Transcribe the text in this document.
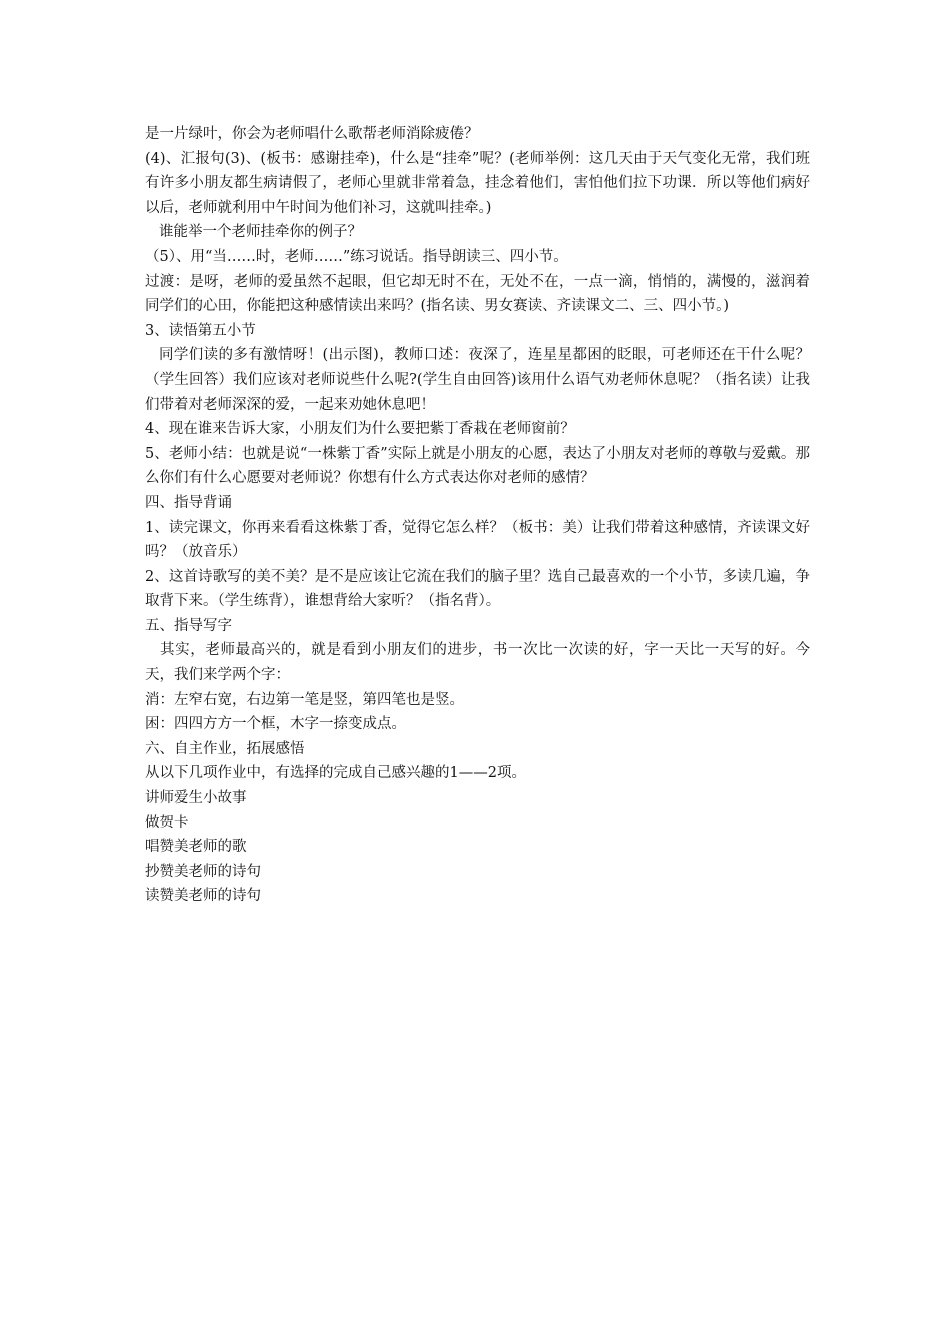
是一片绿叶，你会为老师唱什么歌帮老师消除疲倦？

(4)、汇报句(3)、(板书：感谢挂牵)，什么是“挂牵”呢？(老师举例：这几天由于天气变化无常，我们班有许多小朋友都生病请假了，老师心里就非常着急，挂念着他们，害怕他们拉下功课．所以等他们病好以后，老师就利用中午时间为他们补习，这就叫挂牵。)

谁能举一个老师挂牵你的例子？

（5）、用“当……时，老师……”练习说话。指导朗读三、四小节。

过渡：是呀，老师的爱虽然不起眼，但它却无时不在，无处不在，一点一滴，悄悄的，满慢的，滋润着同学们的心田，你能把这种感情读出来吗？(指名读、男女赛读、齐读课文二、三、四小节。)

3、读悟第五小节

同学们读的多有激情呀！(出示图)，教师口述：夜深了，连星星都困的眨眼，可老师还在干什么呢？（学生回答）我们应该对老师说些什么呢?(学生自由回答)该用什么语气劝老师休息呢？（指名读）让我们带着对老师深深的爱，一起来劝她休息吧！

4、现在谁来告诉大家，小朋友们为什么要把紫丁香栽在老师窗前？

5、老师小结：也就是说“一株紫丁香”实际上就是小朋友的心愿，表达了小朋友对老师的尊敬与爱戴。那么你们有什么心愿要对老师说？你想有什么方式表达你对老师的感情？

四、指导背诵

1、读完课文，你再来看看这株紫丁香，觉得它怎么样？（板书：美）让我们带着这种感情，齐读课文好吗？（放音乐）

2、这首诗歌写的美不美？是不是应该让它流在我们的脑子里？选自己最喜欢的一个小节，多读几遍，争取背下来。（学生练背），谁想背给大家听？（指名背）。

五、指导写字

其实，老师最高兴的，就是看到小朋友们的进步，书一次比一次读的好，字一天比一天写的好。今天，我们来学两个字：

消：左窄右宽，右边第一笔是竖，第四笔也是竖。

困：四四方方一个框，木字一捺变成点。

六、自主作业，拓展感悟

从以下几项作业中，有选择的完成自己感兴趣的1——2项。

讲师爱生小故事

做贺卡

唱赞美老师的歌

抄赞美老师的诗句

读赞美老师的诗句
